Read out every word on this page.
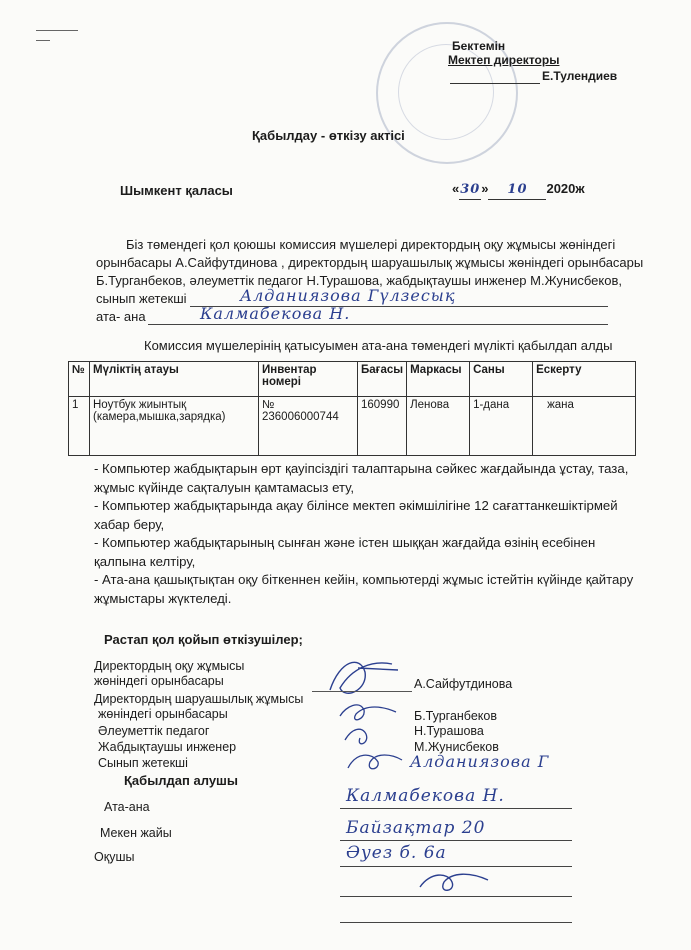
Бектемін
Мектеп директоры
Е.Тулендиев
Қабылдау - өткізу актісі
Шымкент қаласы	«30» 10 2020ж
Біз төмендегі қол қоюшы комиссия мүшелері директордың оқу жұмысы жөніндегі
орынбасары А.Сайфутдинова , директордың шаруашылық жұмысы жөніндегі орынбасары
Б.Турганбеков, әлеуметтік педагог Н.Турашова, жабдықтаушы инженер М.Жунисбеков,
сынып жетекші	Алданиязова Гүлзесық
ата- ана	Калмабекова Н.
Комиссия мүшелерінің қатысуымен ата-ана төмендегі мүлікті қабылдап алды
№	Мүліктің атауы	Инвентар номері	Бағасы	Маркасы	Саны	Ескерту
1	Ноутбук жиынтық (камера,мышка,зарядка)	№ 236006000744	160990	Ленова	1-дана	жана
- Компьютер жабдықтарын өрт қауіпсіздігі талаптарына сәйкес жағдайында ұстау, таза, жұмыс күйінде сақталуын қамтамасыз ету,
- Компьютер жабдықтарында ақау білінсе мектеп әкімшілігіне 12 сағаттанкешіктірмей хабар беру,
- Компьютер жабдықтарының сынған және істен шыққан жағдайда өзінің есебінен қалпына келтіру,
- Ата-ана қашықтықтан оқу біткеннен кейін, компьютерді жұмыс істейтін күйінде қайтару жұмыстары жүктеледі.
Растап қол қойып өткізушілер;
Директордың оқу жұмысы
жөніндегі орынбасары	А.Сайфутдинова
Директордың шаруашылық жұмысы
жөніндегі орынбасары	Б.Турганбеков
Әлеуметтік педагог	Н.Турашова
Жабдықтаушы инженер	М.Жунисбеков
Сынып жетекші	Алданиязова Г
Қабылдап алушы
Ата-ана
Калмабекова Н.
Мекен жайы	Байзақтар 20
Әуез б. 6а
Оқушы
